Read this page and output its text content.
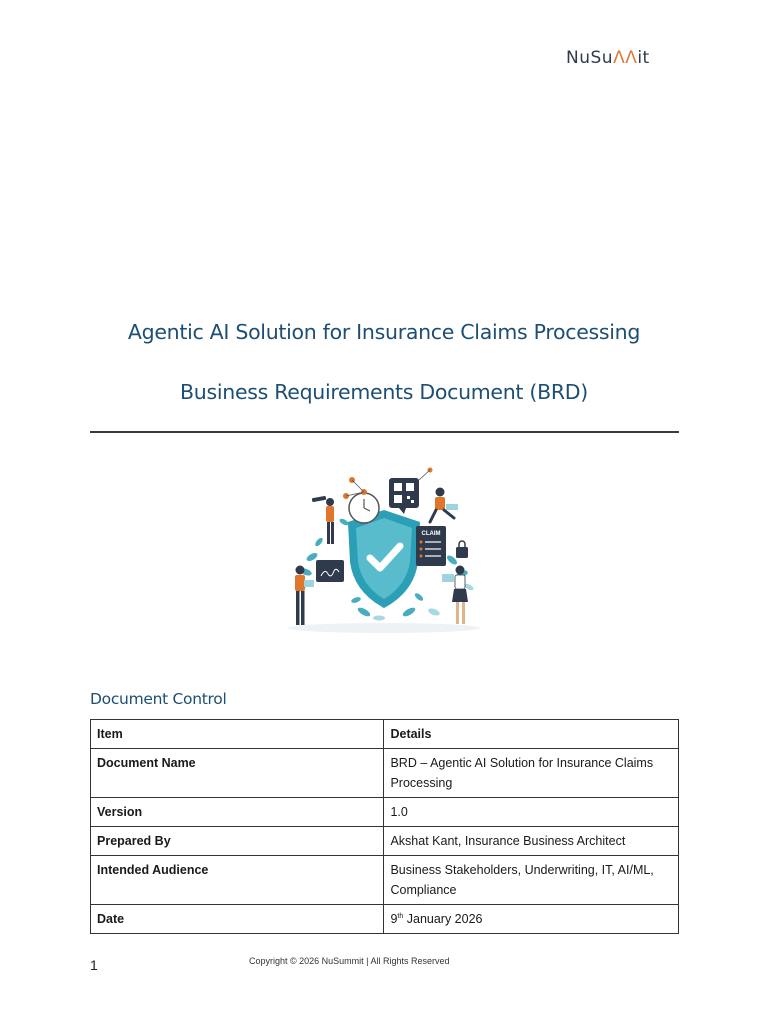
NuSuΛΛit
Agentic AI Solution for Insurance Claims Processing
Business Requirements Document (BRD)
CLAIM
Document Control
Item	Details
Document Name	BRD – Agentic AI Solution for Insurance Claims Processing
Version	1.0
Prepared By	Akshat Kant, Insurance Business Architect
Intended Audience	Business Stakeholders, Underwriting, IT, AI/ML, Compliance
Date	9th January 2026
1	Copyright © 2026 NuSummit | All Rights Reserved
